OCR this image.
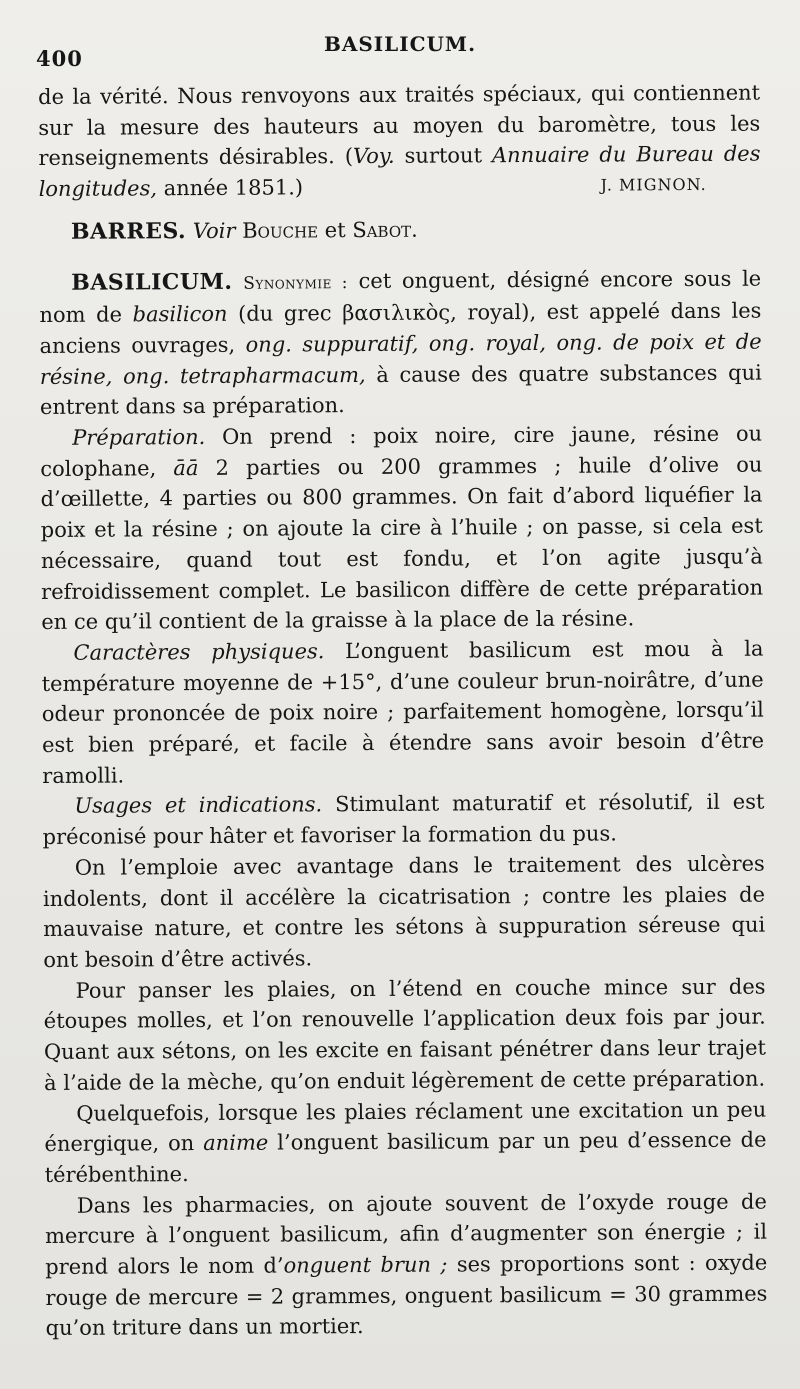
400
BASILICUM.

de la vérité. Nous renvoyons aux traités spéciaux, qui contiennent sur la mesure des hauteurs au moyen du baromètre, tous les renseignements désirables. (Voy. surtout Annuaire du Bureau des longitudes, année 1851.)	J. MIGNON.

BARRES. Voir Bouche et Sabot.

BASILICUM. Synonymie : cet onguent, désigné encore sous le nom de basilicon (du grec βασιλικὸς, royal), est appelé dans les anciens ouvrages, ong. suppuratif, ong. royal, ong. de poix et de résine, ong. tetrapharmacum, à cause des quatre substances qui entrent dans sa préparation.

Préparation. On prend : poix noire, cire jaune, résine ou colophane, āā 2 parties ou 200 grammes ; huile d’olive ou d’œillette, 4 parties ou 800 grammes. On fait d’abord liquéfier la poix et la résine ; on ajoute la cire à l’huile ; on passe, si cela est nécessaire, quand tout est fondu, et l’on agite jusqu’à refroidissement complet. Le basilicon diffère de cette préparation en ce qu’il contient de la graisse à la place de la résine.

Caractères physiques. L’onguent basilicum est mou à la température moyenne de +15°, d’une couleur brun-noirâtre, d’une odeur prononcée de poix noire ; parfaitement homogène, lorsqu’il est bien préparé, et facile à étendre sans avoir besoin d’être ramolli.

Usages et indications. Stimulant maturatif et résolutif, il est préconisé pour hâter et favoriser la formation du pus.

On l’emploie avec avantage dans le traitement des ulcères indolents, dont il accélère la cicatrisation ; contre les plaies de mauvaise nature, et contre les sétons à suppuration séreuse qui ont besoin d’être activés.

Pour panser les plaies, on l’étend en couche mince sur des étoupes molles, et l’on renouvelle l’application deux fois par jour. Quant aux sétons, on les excite en faisant pénétrer dans leur trajet à l’aide de la mèche, qu’on enduit légèrement de cette préparation.

Quelquefois, lorsque les plaies réclament une excitation un peu énergique, on anime l’onguent basilicum par un peu d’essence de térébenthine.

Dans les pharmacies, on ajoute souvent de l’oxyde rouge de mercure à l’onguent basilicum, afin d’augmenter son énergie ; il prend alors le nom d’onguent brun ; ses proportions sont : oxyde rouge de mercure = 2 grammes, onguent basilicum = 30 grammes qu’on triture dans un mortier.
